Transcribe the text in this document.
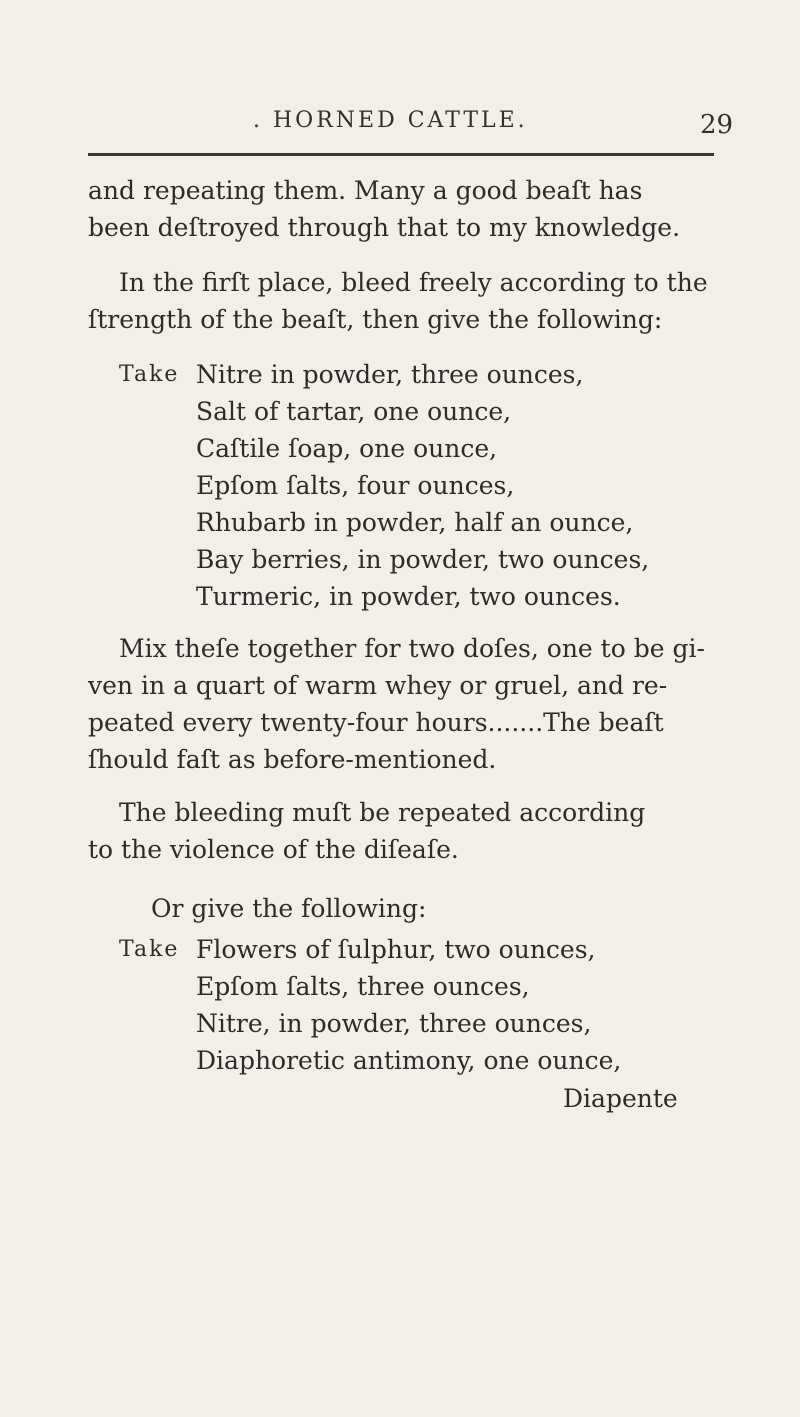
. HORNED CATTLE.	29
and repeating them. Many a good beaſt has
been deſtroyed through that to my knowledge.
In the firſt place, bleed freely according to the
ſtrength of the beaſt, then give the following:
Take Nitre in powder, three ounces,
Salt of tartar, one ounce,
Caſtile ſoap, one ounce,
Epſom ſalts, four ounces,
Rhubarb in powder, half an ounce,
Bay berries, in powder, two ounces,
Turmeric, in powder, two ounces.
Mix theſe together for two doſes, one to be gi-
ven in a quart of warm whey or gruel, and re-
peated every twenty-four hours.......The beaſt
ſhould faſt as before-mentioned.
The bleeding muſt be repeated according
to the violence of the diſeaſe.
Or give the following:
Take Flowers of ſulphur, two ounces,
Epſom ſalts, three ounces,
Nitre, in powder, three ounces,
Diaphoretic antimony, one ounce,
Diapente
